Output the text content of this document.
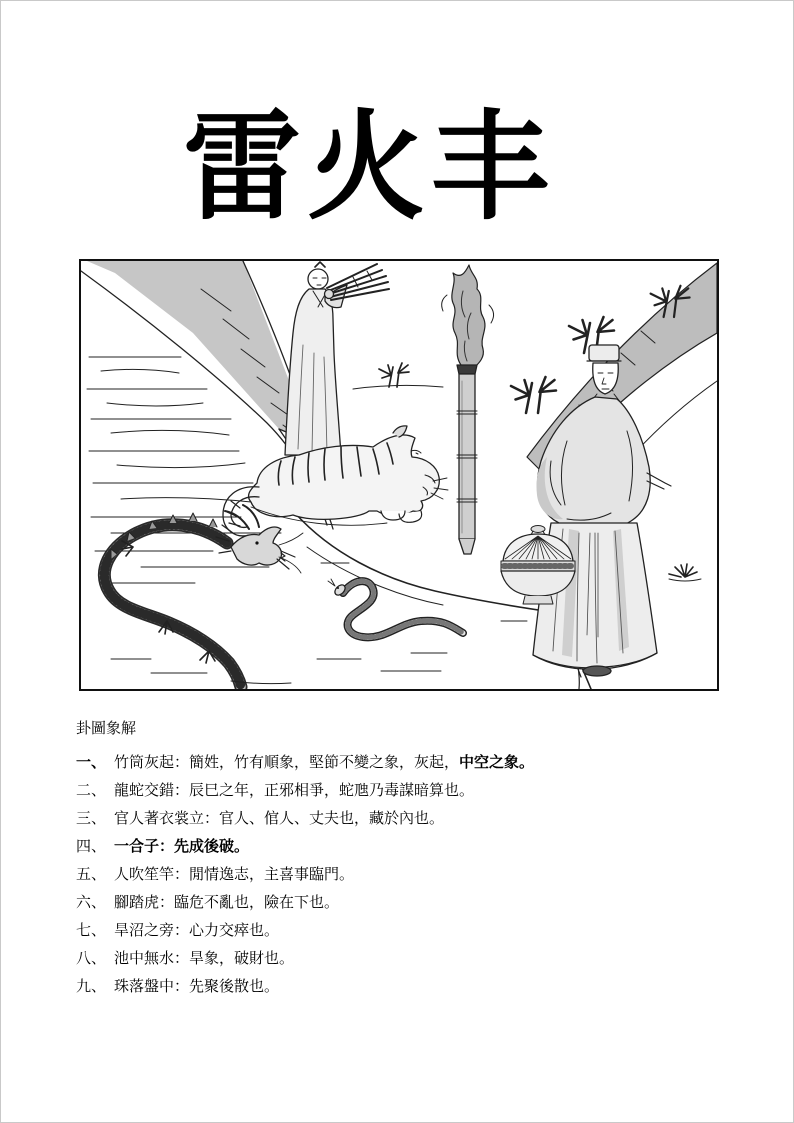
雷火丰

卦圖象解

一、 竹筒灰起：簡姓，竹有順象，堅節不變之象，灰起，中空之象。
二、 龍蛇交錯：辰巳之年，正邪相爭，蛇虺乃毒謀暗算也。
三、 官人著衣裳立：官人、倌人、丈夫也，藏於內也。
四、 一合子：先成後破。
五、 人吹笙竿：閒情逸志，主喜事臨門。
六、 腳踏虎：臨危不亂也，險在下也。
七、 旱沼之旁：心力交瘁也。
八、 池中無水：旱象，破財也。
九、 珠落盤中：先聚後散也。
